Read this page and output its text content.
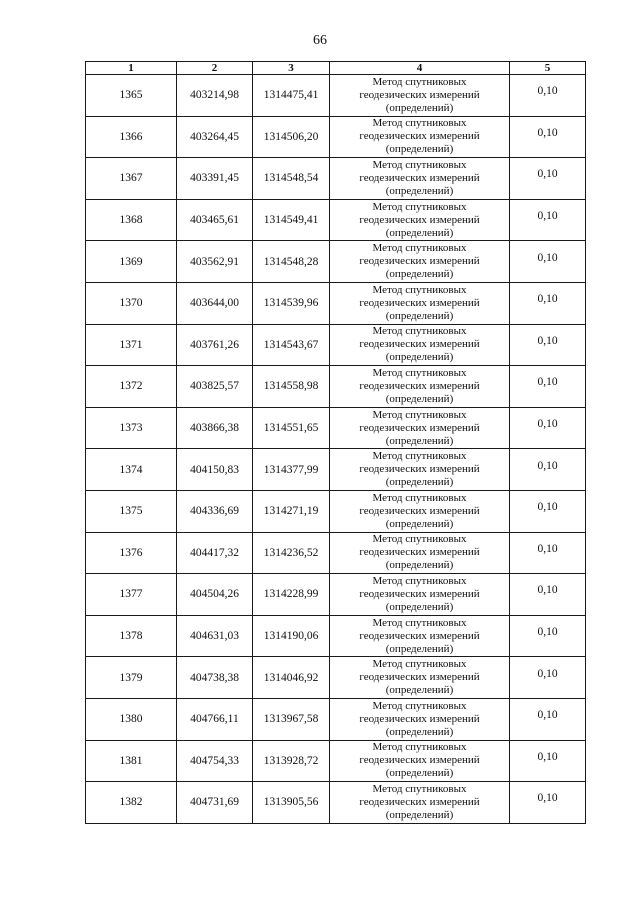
66
1	2	3	4	5
1365	403214,98	1314475,41	Метод спутниковых
геодезических измерений
(определений)	0,10
1366	403264,45	1314506,20	Метод спутниковых
геодезических измерений
(определений)	0,10
1367	403391,45	1314548,54	Метод спутниковых
геодезических измерений
(определений)	0,10
1368	403465,61	1314549,41	Метод спутниковых
геодезических измерений
(определений)	0,10
1369	403562,91	1314548,28	Метод спутниковых
геодезических измерений
(определений)	0,10
1370	403644,00	1314539,96	Метод спутниковых
геодезических измерений
(определений)	0,10
1371	403761,26	1314543,67	Метод спутниковых
геодезических измерений
(определений)	0,10
1372	403825,57	1314558,98	Метод спутниковых
геодезических измерений
(определений)	0,10
1373	403866,38	1314551,65	Метод спутниковых
геодезических измерений
(определений)	0,10
1374	404150,83	1314377,99	Метод спутниковых
геодезических измерений
(определений)	0,10
1375	404336,69	1314271,19	Метод спутниковых
геодезических измерений
(определений)	0,10
1376	404417,32	1314236,52	Метод спутниковых
геодезических измерений
(определений)	0,10
1377	404504,26	1314228,99	Метод спутниковых
геодезических измерений
(определений)	0,10
1378	404631,03	1314190,06	Метод спутниковых
геодезических измерений
(определений)	0,10
1379	404738,38	1314046,92	Метод спутниковых
геодезических измерений
(определений)	0,10
1380	404766,11	1313967,58	Метод спутниковых
геодезических измерений
(определений)	0,10
1381	404754,33	1313928,72	Метод спутниковых
геодезических измерений
(определений)	0,10
1382	404731,69	1313905,56	Метод спутниковых
геодезических измерений
(определений)	0,10
